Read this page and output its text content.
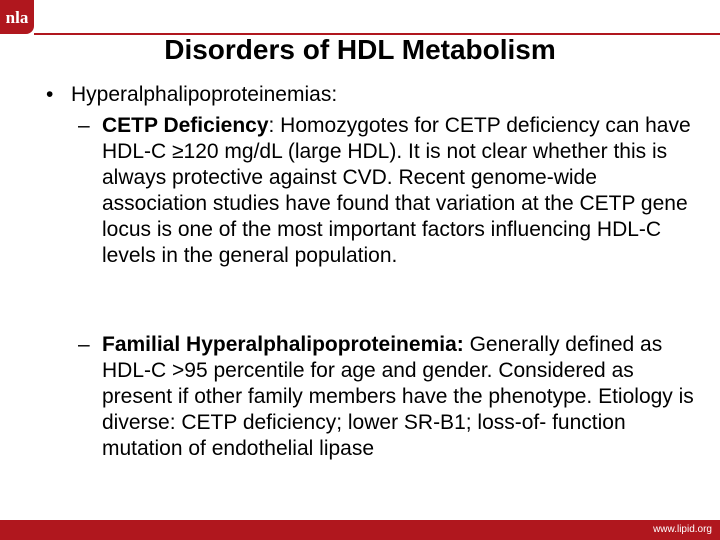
nla
Disorders of HDL Metabolism
• Hyperalphalipoproteinemias:
– CETP Deficiency: Homozygotes for CETP deficiency can have HDL-C ≥120 mg/dL (large HDL). It is not clear whether this is always protective against CVD. Recent genome-wide association studies have found that variation at the CETP gene locus is one of the most important factors influencing HDL-C levels in the general population.
– Familial Hyperalphalipoproteinemia: Generally defined as HDL-C >95 percentile for age and gender. Considered as present if other family members have the phenotype. Etiology is diverse: CETP deficiency; lower SR-B1; loss-of- function mutation of endothelial lipase
www.lipid.org
